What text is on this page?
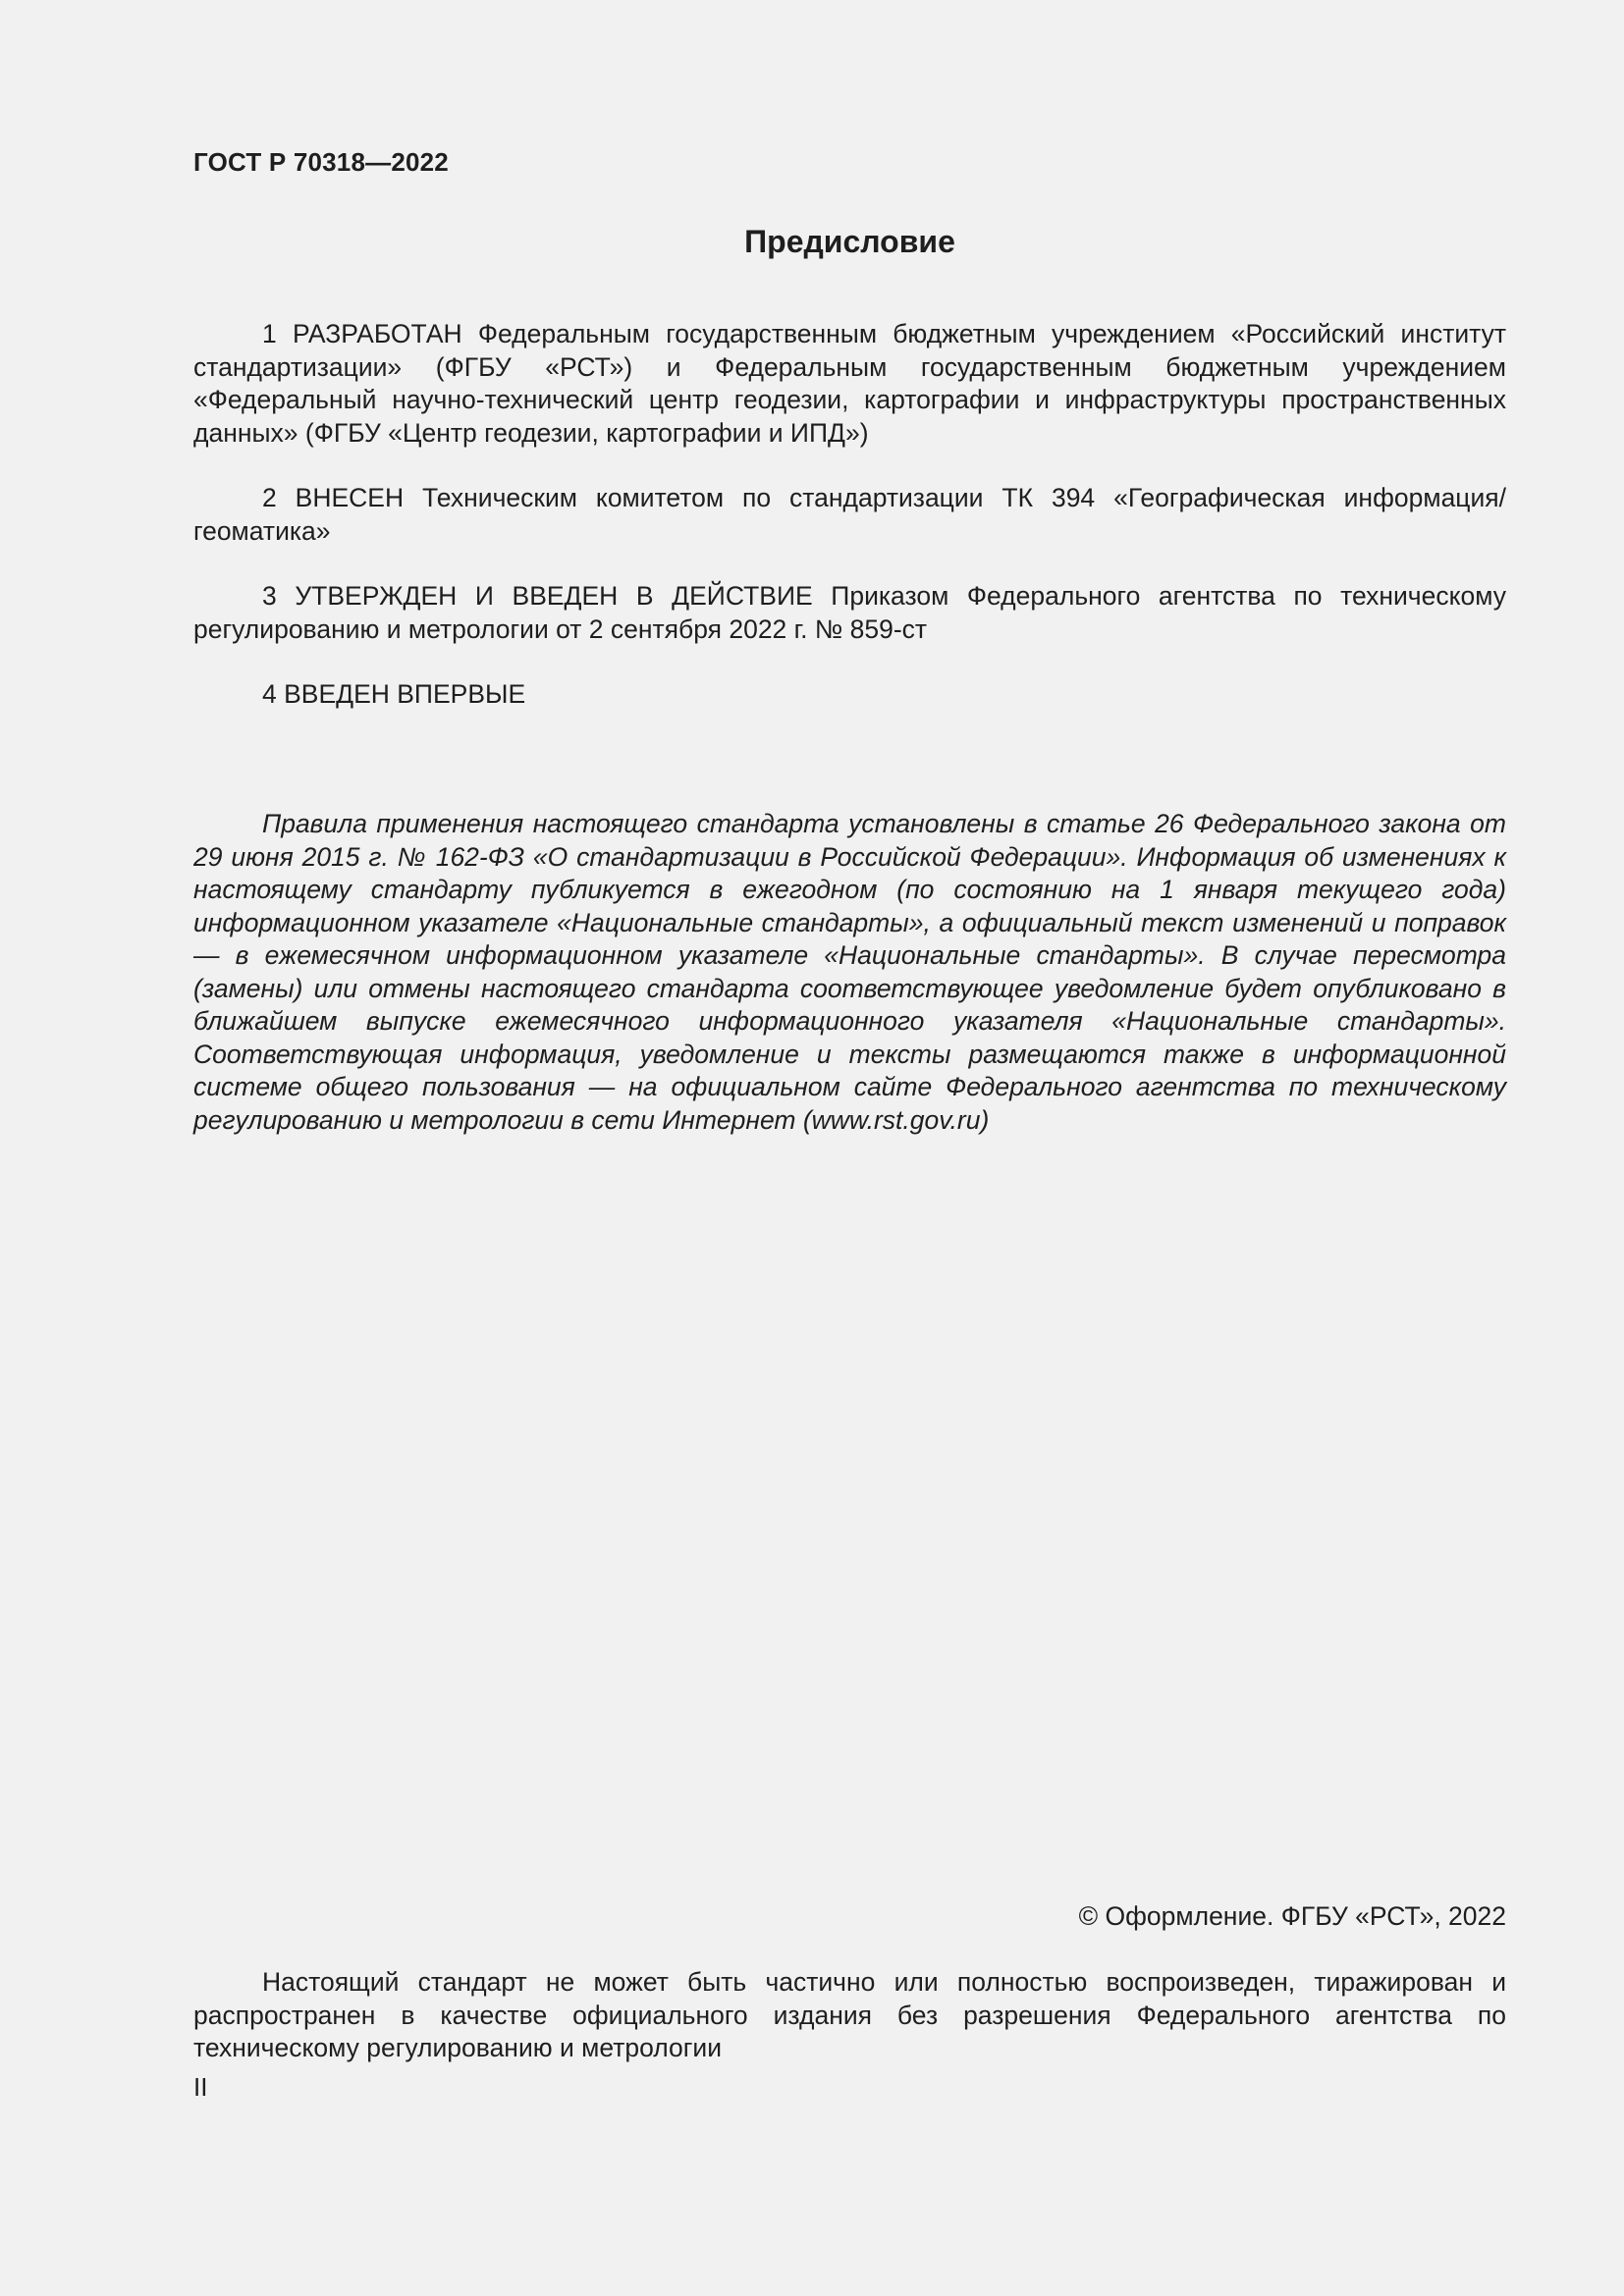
ГОСТ Р 70318—2022
Предисловие

1 РАЗРАБОТАН Федеральным государственным бюджетным учреждением «Российский институт стандартизации» (ФГБУ «РСТ») и Федеральным государственным бюджетным учреждением «Федеральный научно-технический центр геодезии, картографии и инфраструктуры пространственных данных» (ФГБУ «Центр геодезии, картографии и ИПД»)

2 ВНЕСЕН Техническим комитетом по стандартизации ТК 394 «Географическая информация/ геоматика»

3 УТВЕРЖДЕН И ВВЕДЕН В ДЕЙСТВИЕ Приказом Федерального агентства по техническому регулированию и метрологии от 2 сентября 2022 г. № 859-ст

4 ВВЕДЕН ВПЕРВЫЕ

Правила применения настоящего стандарта установлены в статье 26 Федерального закона от 29 июня 2015 г. № 162-ФЗ «О стандартизации в Российской Федерации». Информация об изменениях к настоящему стандарту публикуется в ежегодном (по состоянию на 1 января текущего года) информационном указателе «Национальные стандарты», а официальный текст изменений и поправок — в ежемесячном информационном указателе «Национальные стандарты». В случае пересмотра (замены) или отмены настоящего стандарта соответствующее уведомление будет опубликовано в ближайшем выпуске ежемесячного информационного указателя «Национальные стандарты». Соответствующая информация, уведомление и тексты размещаются также в информационной системе общего пользования — на официальном сайте Федерального агентства по техническому регулированию и метрологии в сети Интернет (www.rst.gov.ru)

© Оформление. ФГБУ «РСТ», 2022

Настоящий стандарт не может быть частично или полностью воспроизведен, тиражирован и распространен в качестве официального издания без разрешения Федерального агентства по техническому регулированию и метрологии

II
